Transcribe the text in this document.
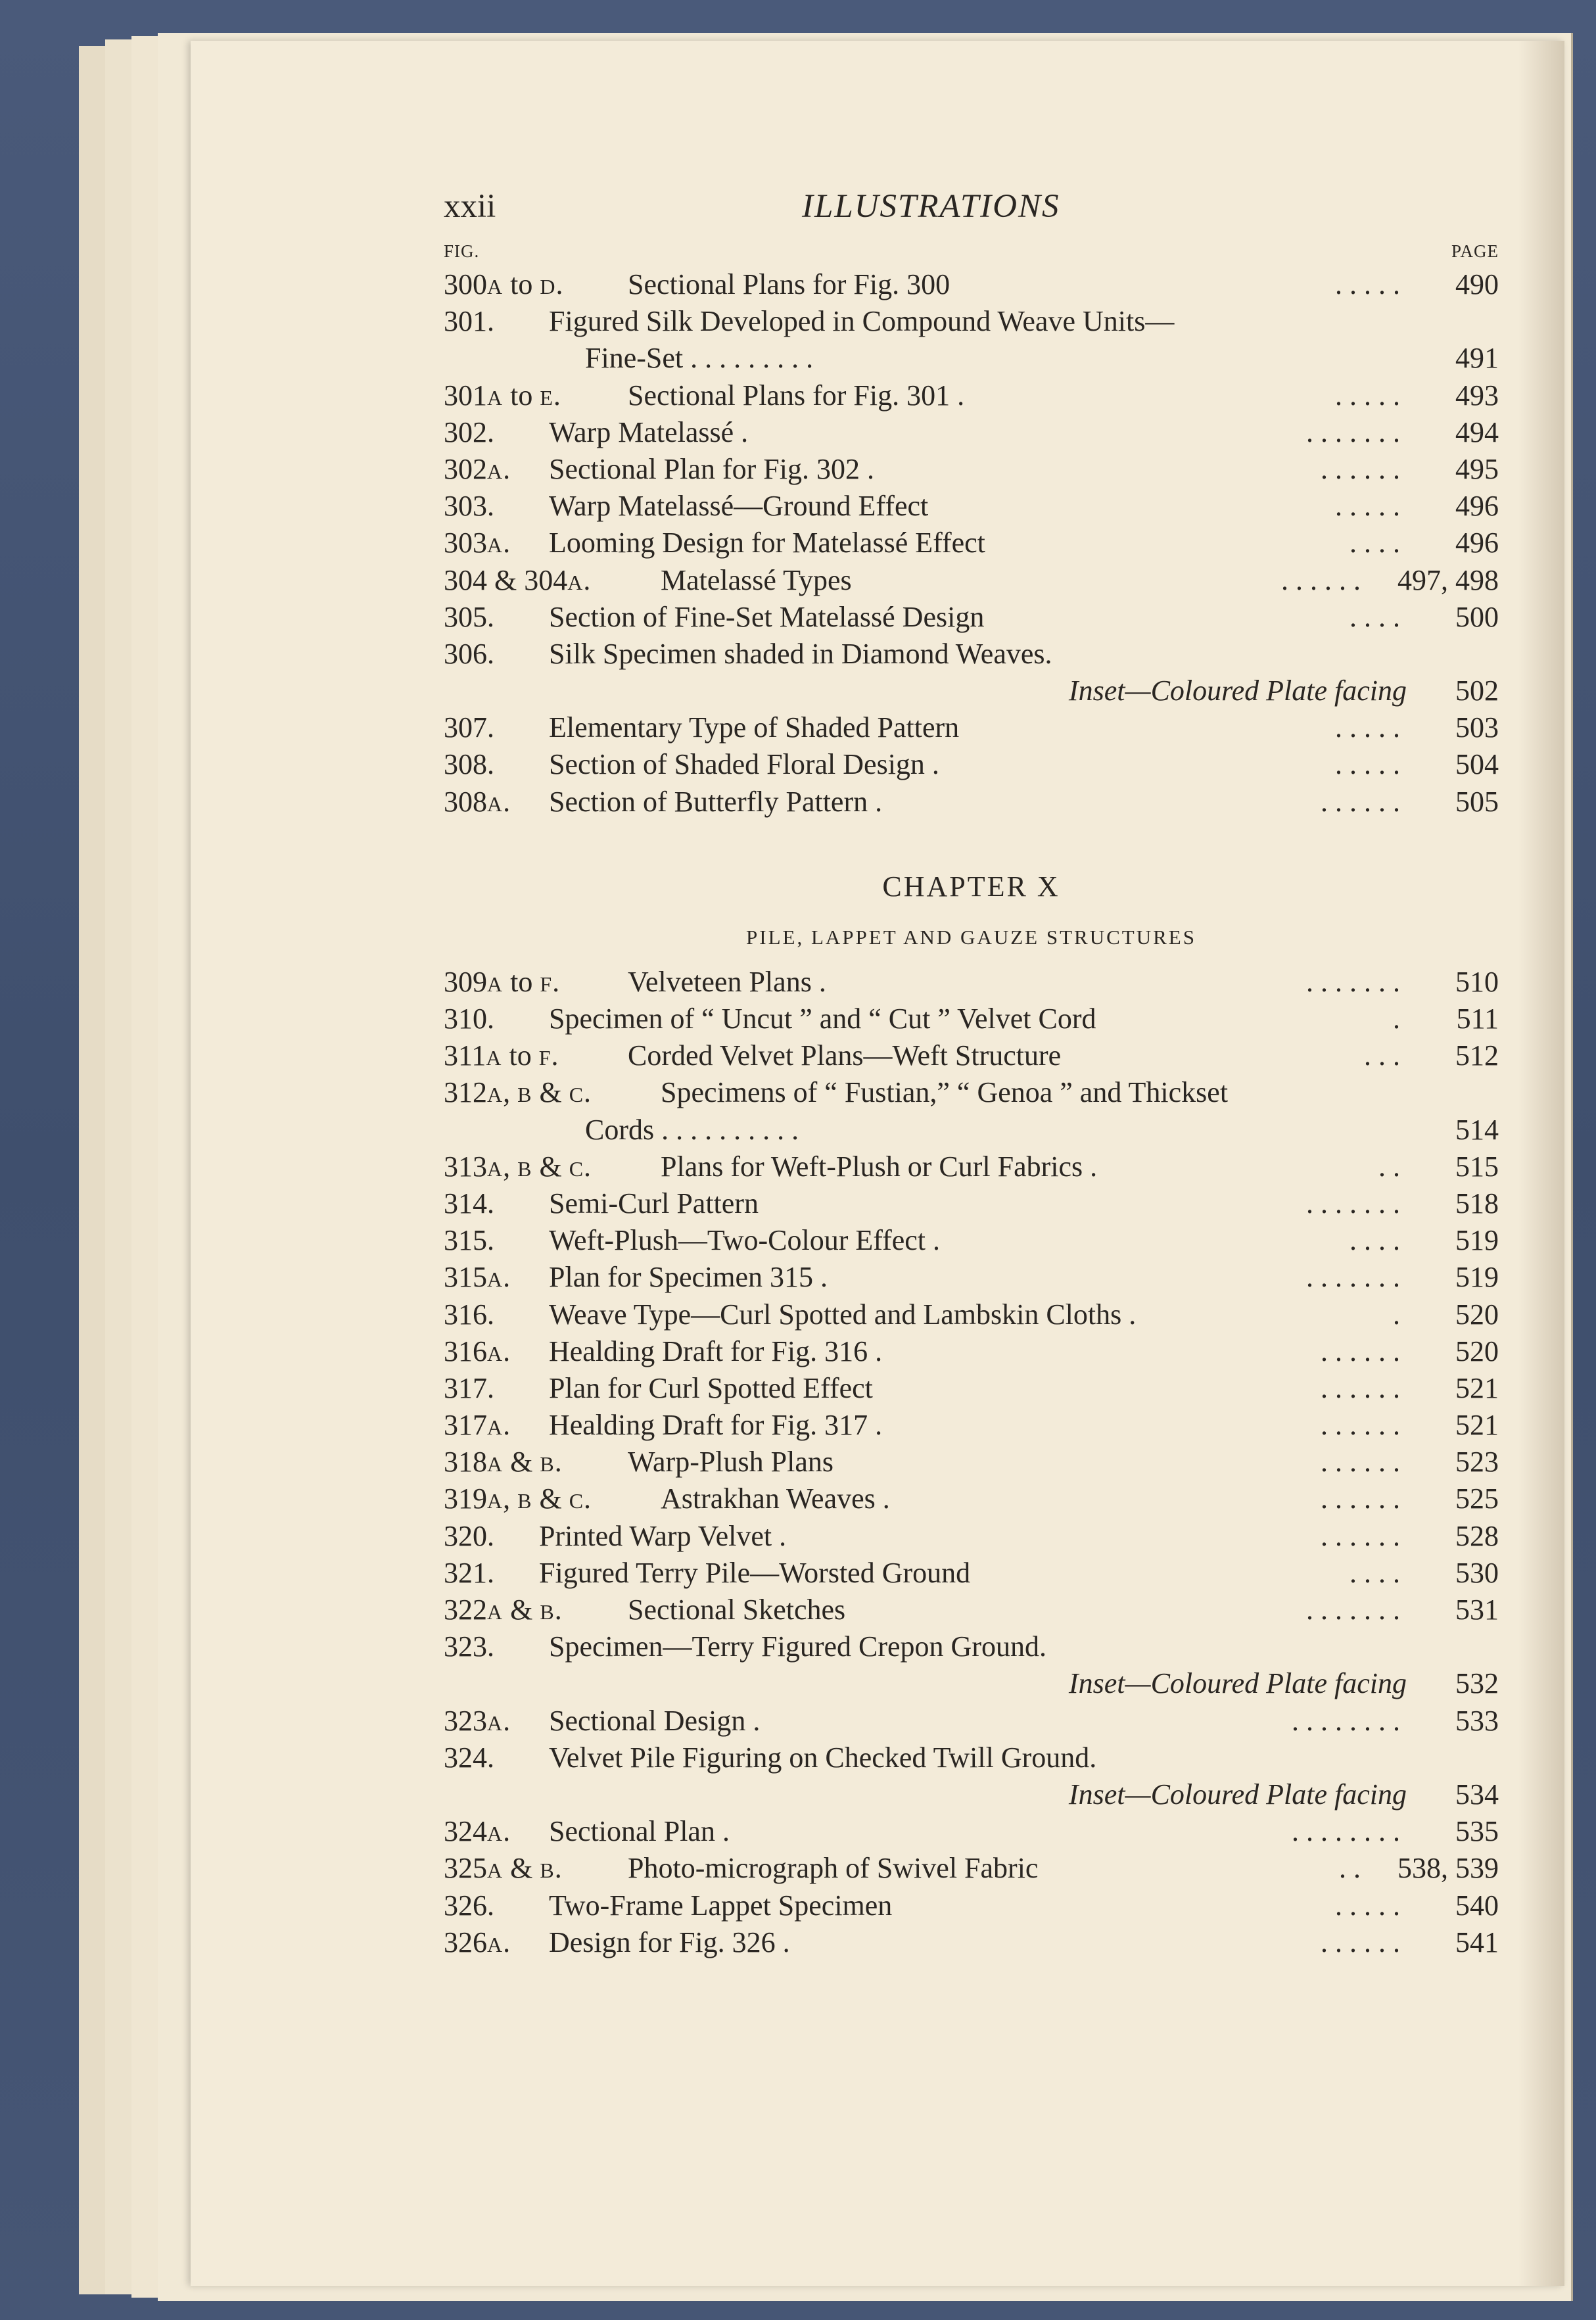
xxii	ILLUSTRATIONS
FIG.	PAGE
300A to D. Sectional Plans for Fig. 300	. . . . . 490
301. Figured Silk Developed in Compound Weave Units—
Fine-Set . . . . . . . . .	491
301A to E. Sectional Plans for Fig. 301 .	. . . . . 493
302. Warp Matelassé .	. . . . . . . 494
302A. Sectional Plan for Fig. 302 .	. . . . . . 495
303. Warp Matelassé—Ground Effect	. . . . . 496
303A. Looming Design for Matelassé Effect	. . . . 496
304 & 304A. Matelassé Types	. . . . . . 497, 498
305. Section of Fine-Set Matelassé Design	. . . . 500
306. Silk Specimen shaded in Diamond Weaves.
Inset—Coloured Plate facing 502
307. Elementary Type of Shaded Pattern	. . . . . 503
308. Section of Shaded Floral Design .	. . . . . 504
308A. Section of Butterfly Pattern .	. . . . . . 505
CHAPTER X
PILE, LAPPET AND GAUZE STRUCTURES
309A to F. Velveteen Plans .	. . . . . . . 510
310. Specimen of “ Uncut ” and “ Cut ” Velvet Cord	. 511
311A to F. Corded Velvet Plans—Weft Structure	. . . 512
312A, B & C. Specimens of “ Fustian,” “ Genoa ” and Thickset
Cords . . . . . . . . . .	514
313A, B & C. Plans for Weft-Plush or Curl Fabrics .	. . 515
314. Semi-Curl Pattern	. . . . . . . 518
315. Weft-Plush—Two-Colour Effect .	. . . . 519
315A. Plan for Specimen 315 .	. . . . . . . 519
316. Weave Type—Curl Spotted and Lambskin Cloths .	. 520
316A. Healding Draft for Fig. 316 .	. . . . . . 520
317. Plan for Curl Spotted Effect	. . . . . . 521
317A. Healding Draft for Fig. 317 .	. . . . . . 521
318A & B. Warp-Plush Plans	. . . . . . 523
319A, B & C. Astrakhan Weaves .	. . . . . . 525
320. Printed Warp Velvet .	. . . . . . 528
321. Figured Terry Pile—Worsted Ground	. . . . 530
322A & B. Sectional Sketches	. . . . . . . 531
323. Specimen—Terry Figured Crepon Ground.
Inset—Coloured Plate facing 532
323A. Sectional Design .	. . . . . . . . 533
324. Velvet Pile Figuring on Checked Twill Ground.
Inset—Coloured Plate facing 534
324A. Sectional Plan .	. . . . . . . . 535
325A & B. Photo-micrograph of Swivel Fabric	. . 538, 539
326. Two-Frame Lappet Specimen	. . . . . 540
326A. Design for Fig. 326 .	. . . . . . 541
